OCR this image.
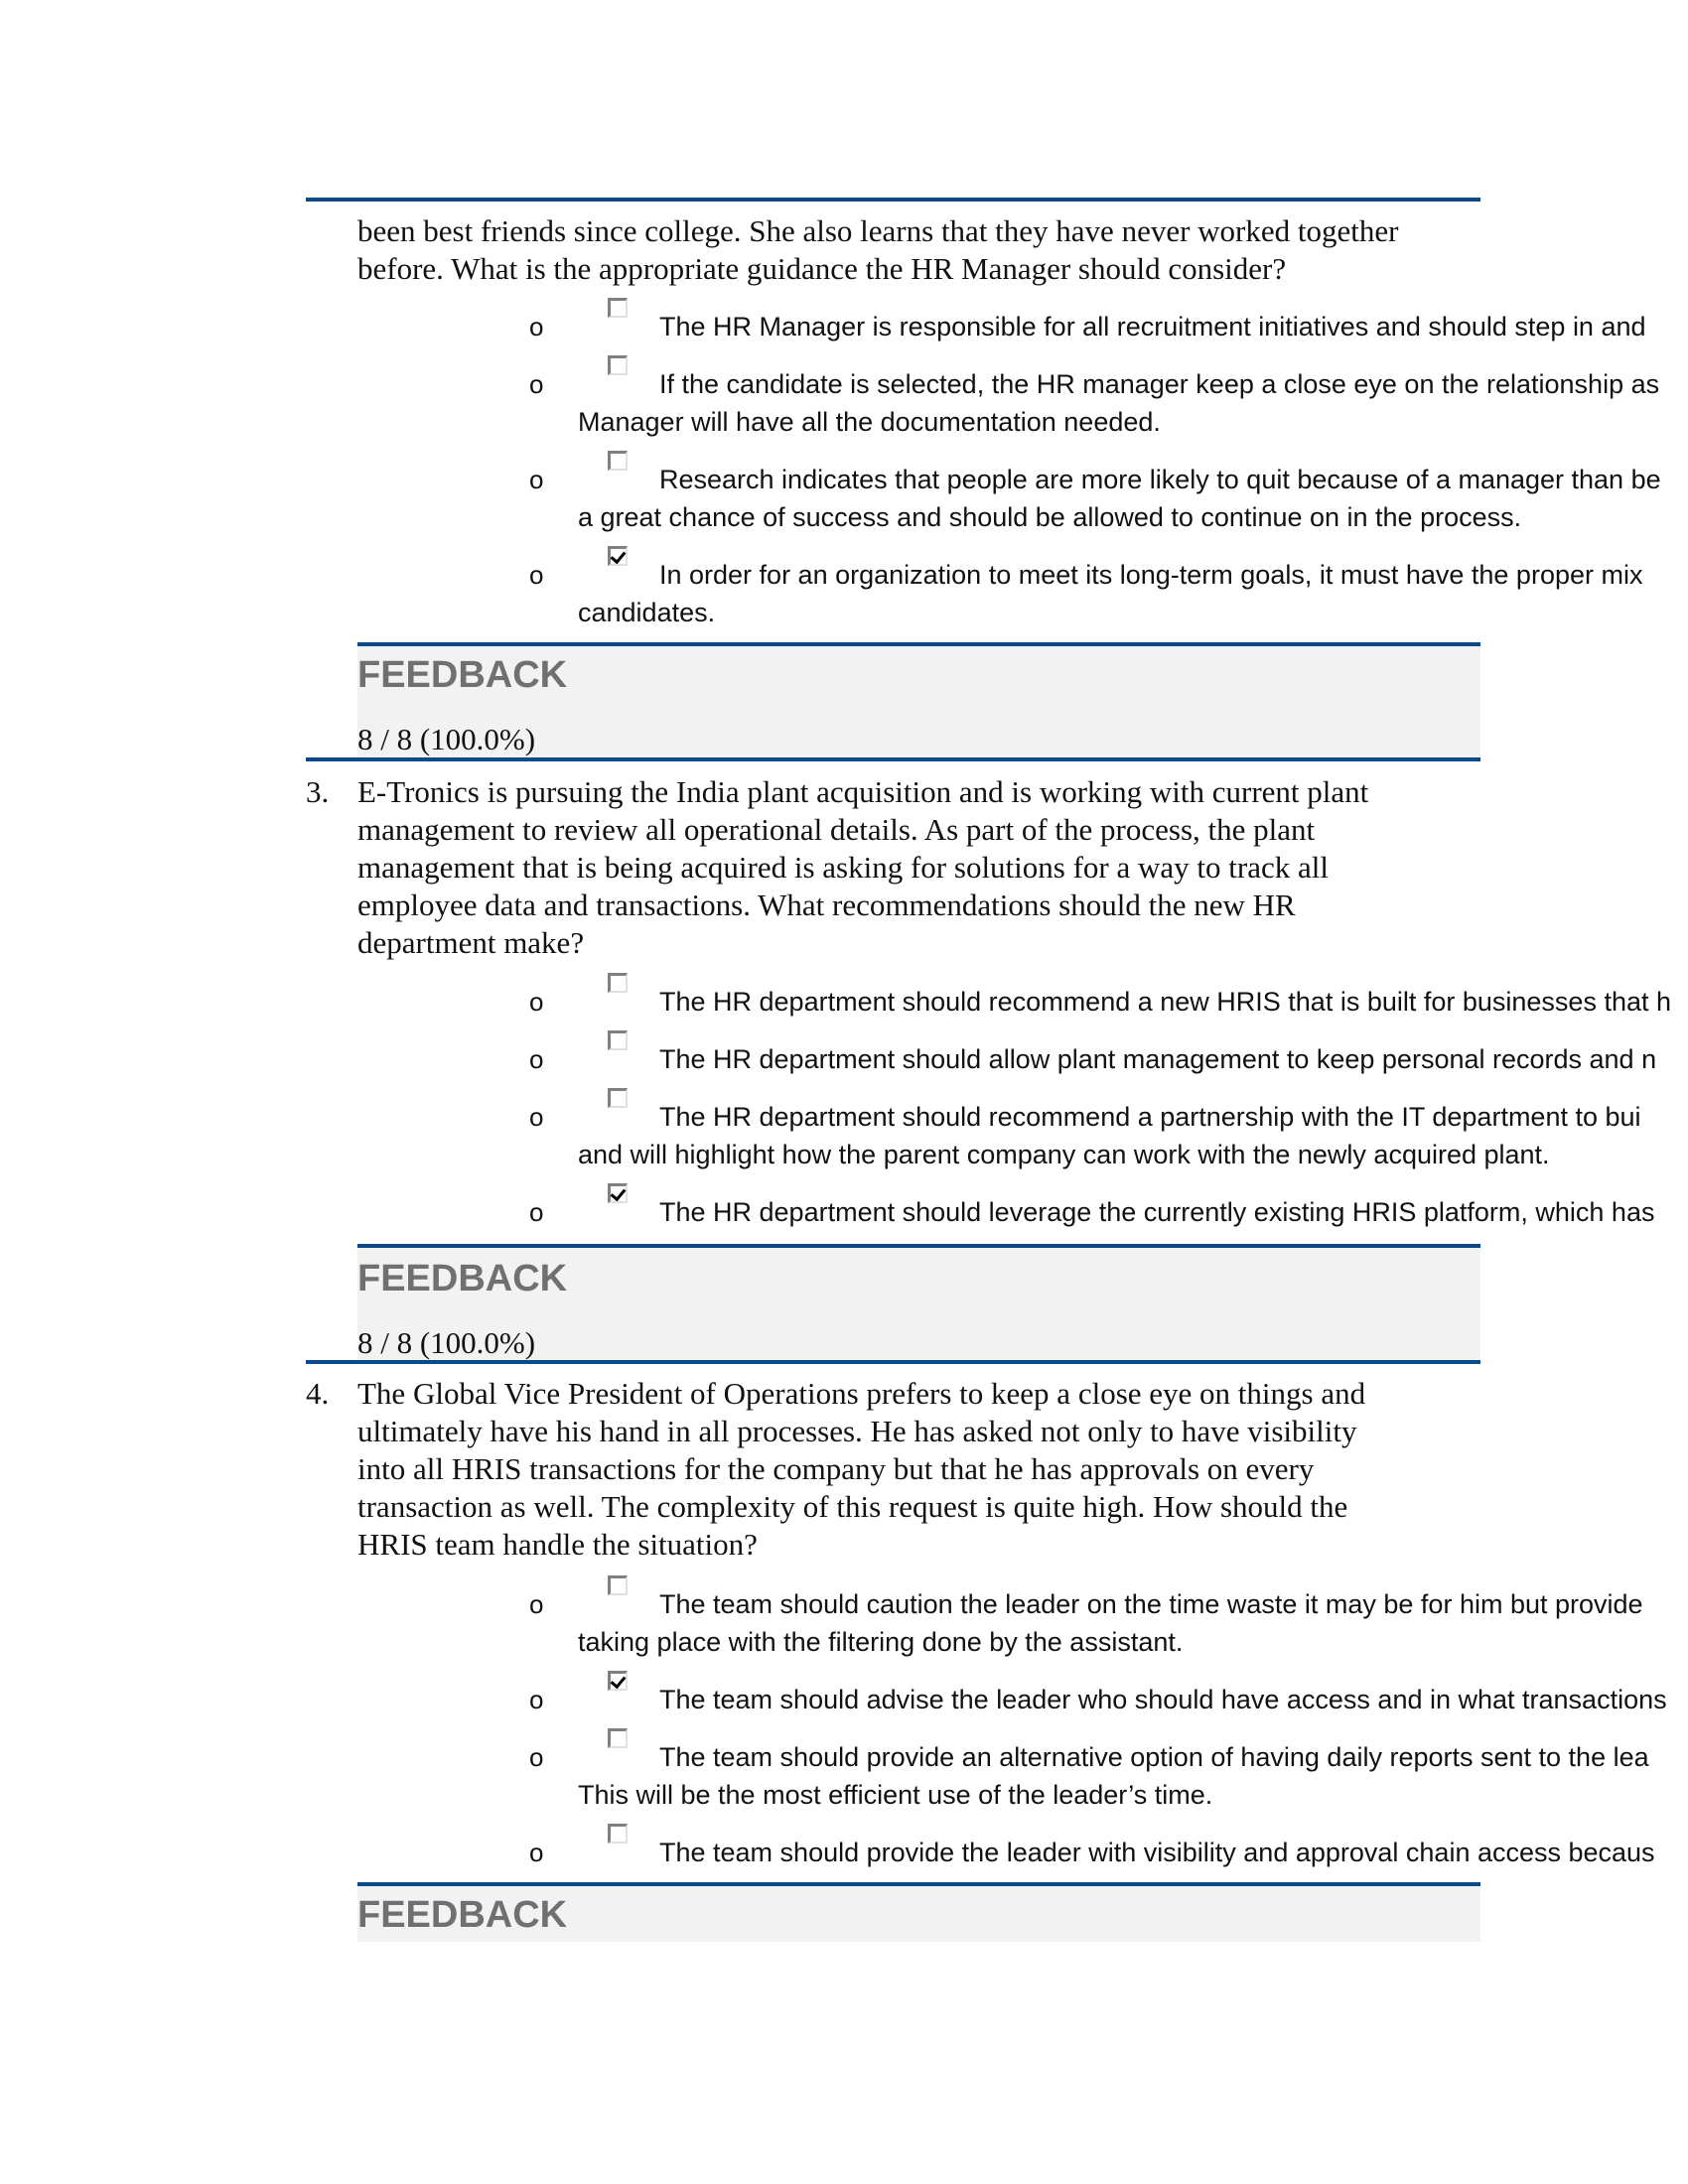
been best friends since college. She also learns that they have never worked together
before. What is the appropriate guidance the HR Manager should consider?
o	The HR Manager is responsible for all recruitment initiatives and should step in and
o	If the candidate is selected, the HR manager keep a close eye on the relationship as
Manager will have all the documentation needed.
o	Research indicates that people are more likely to quit because of a manager than be
a great chance of success and should be allowed to continue on in the process.
o	In order for an organization to meet its long-term goals, it must have the proper mix
candidates.
FEEDBACK
8 / 8 (100.0%)
3. E-Tronics is pursuing the India plant acquisition and is working with current plant
management to review all operational details. As part of the process, the plant
management that is being acquired is asking for solutions for a way to track all
employee data and transactions. What recommendations should the new HR
department make?
o	The HR department should recommend a new HRIS that is built for businesses that h
o	The HR department should allow plant management to keep personal records and n
o	The HR department should recommend a partnership with the IT department to bui
and will highlight how the parent company can work with the newly acquired plant.
o	The HR department should leverage the currently existing HRIS platform, which has
FEEDBACK
8 / 8 (100.0%)
4. The Global Vice President of Operations prefers to keep a close eye on things and
ultimately have his hand in all processes. He has asked not only to have visibility
into all HRIS transactions for the company but that he has approvals on every
transaction as well. The complexity of this request is quite high. How should the
HRIS team handle the situation?
o	The team should caution the leader on the time waste it may be for him but provide
taking place with the filtering done by the assistant.
o	The team should advise the leader who should have access and in what transactions
o	The team should provide an alternative option of having daily reports sent to the lea
This will be the most efficient use of the leader’s time.
o	The team should provide the leader with visibility and approval chain access becaus
FEEDBACK
